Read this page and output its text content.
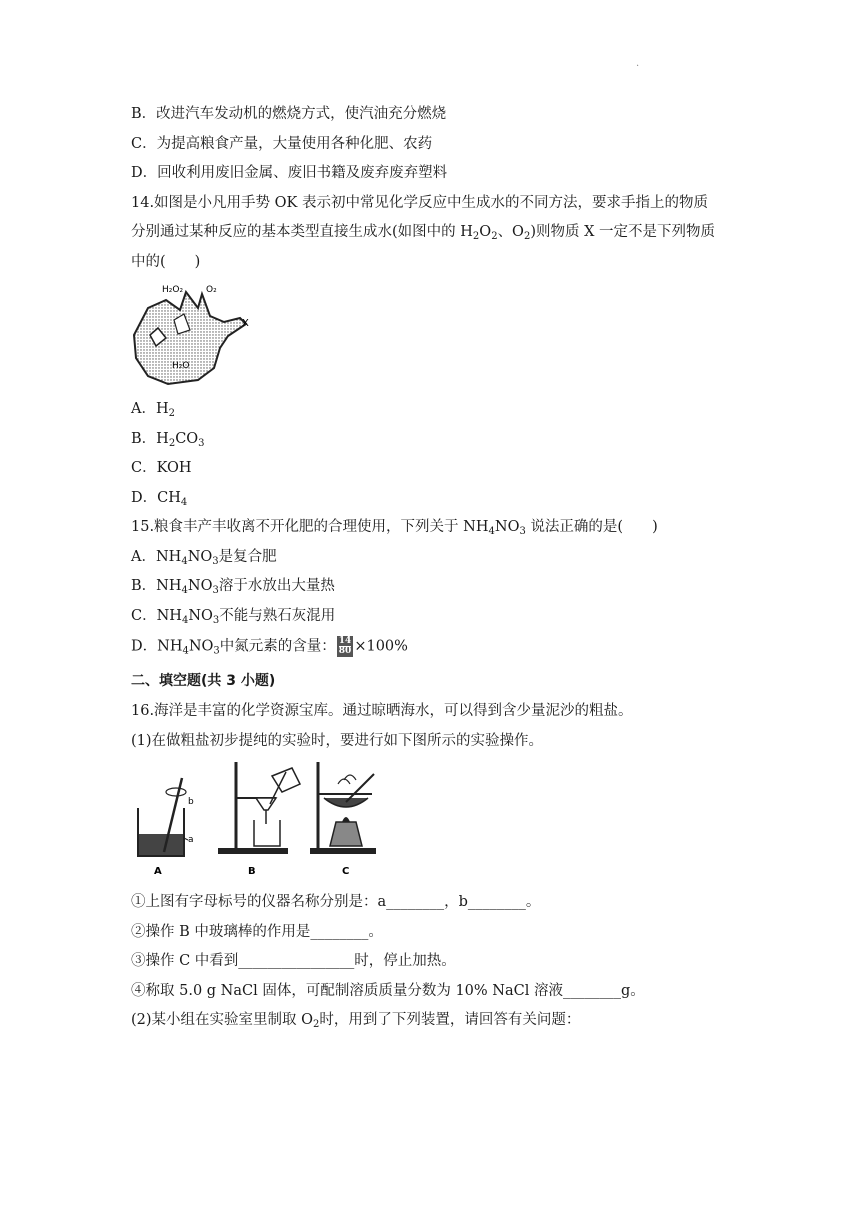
.
B．改进汽车发动机的燃烧方式，使汽油充分燃烧
C．为提高粮食产量，大量使用各种化肥、农药
D．回收利用废旧金属、废旧书籍及废弃废弃塑料
14.如图是小凡用手势 OK 表示初中常见化学反应中生成水的不同方法，要求手指上的物质
分别通过某种反应的基本类型直接生成水(如图中的 $H_2O_2$、$O_2$)则物质 X 一定不是下列物质
中的(　　)
H₂O₂	O₂
X
H₂O
A．$H_2$
B．$H_2CO_3$
C．KOH
D．$CH_4$
15.粮食丰产丰收离不开化肥的合理使用，下列关于 $NH_4NO_3$ 说法正确的是(　　)
A．$NH_4NO_3$是复合肥
B．$NH_4NO_3$溶于水放出大量热
C．$NH_4NO_3$不能与熟石灰混用
D．$NH_4NO_3$中氮元素的含量： $\frac{14}{80} \times 100\%$
二、填空题(共 3 小题)
16.海洋是丰富的化学资源宝库。通过晾晒海水，可以得到含少量泥沙的粗盐。
(1)在做粗盐初步提纯的实验时，要进行如下图所示的实验操作。
b
a
A	B	C
①上图有字母标号的仪器名称分别是：a________，b________。
②操作 B 中玻璃棒的作用是________。
③操作 C 中看到________________时，停止加热。
④称取 5.0 g NaCl 固体，可配制溶质质量分数为 10% NaCl 溶液________g。
(2)某小组在实验室里制取 $O_2$时，用到了下列装置，请回答有关问题：
